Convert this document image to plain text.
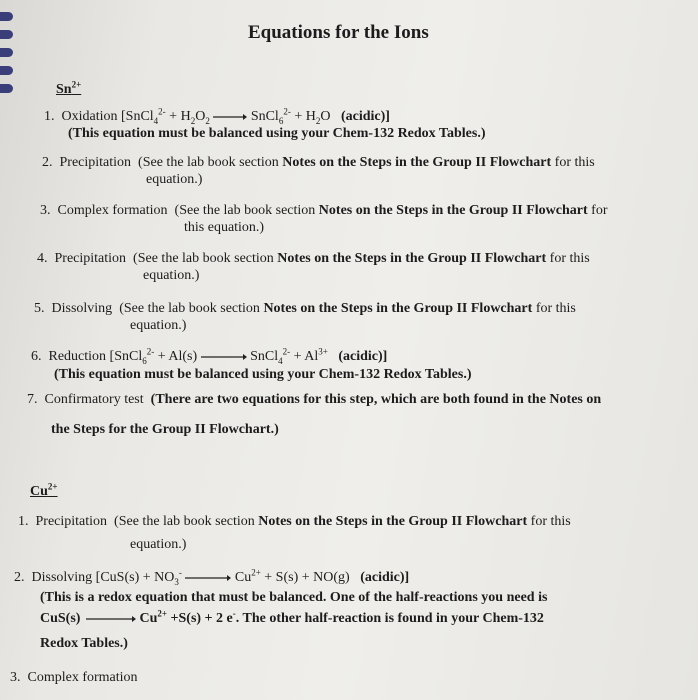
Equations for the Ions
$Sn^{2+}$
1. Oxidation [SnCl$_4^{2-}$ + $H_2O_2$ → SnCl$_6^{2-}$ + $H_2O$ (acidic)]
(This equation must be balanced using your Chem-132 Redox Tables.)
2. Precipitation (See the lab book section Notes on the Steps in the Group II Flowchart for this
equation.)
3. Complex formation (See the lab book section Notes on the Steps in the Group II Flowchart for
this equation.)
4. Precipitation (See the lab book section Notes on the Steps in the Group II Flowchart for this
equation.)
5. Dissolving (See the lab book section Notes on the Steps in the Group II Flowchart for this
equation.)
6. Reduction [SnCl$_6^{2-}$ + Al(s) → SnCl$_4^{2-}$ + $Al^{3+}$ (acidic)]
(This equation must be balanced using your Chem-132 Redox Tables.)
7. Confirmatory test (There are two equations for this step, which are both found in the Notes on
the Steps for the Group II Flowchart.)
$Cu^{2+}$
1. Precipitation (See the lab book section Notes on the Steps in the Group II Flowchart for this
equation.)
2. Dissolving [$CuS(s) + NO_3^- \to Cu^{2+} + S(s) + NO(g)$ (acidic)]
(This is a redox equation that must be balanced. One of the half-reactions you need is
$CuS(s) \to Cu^{2+} +S(s) + 2$ e-. The other half-reaction is found in your Chem-132
Redox Tables.)
3. Complex formation
